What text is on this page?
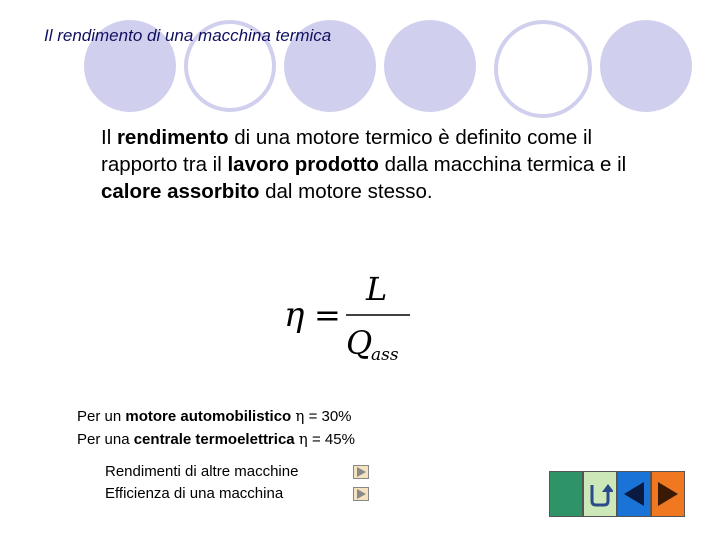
Il rendimento di una macchina termica
Il rendimento di una motore termico è definito come il rapporto tra il lavoro prodotto dalla macchina termica e il calore assorbito dal motore stesso.
η =
L
Q
ass
Per un motore automobilistico η = 30%
Per una centrale termoelettrica η = 45%
Rendimenti di altre macchine
Efficienza di una macchina
